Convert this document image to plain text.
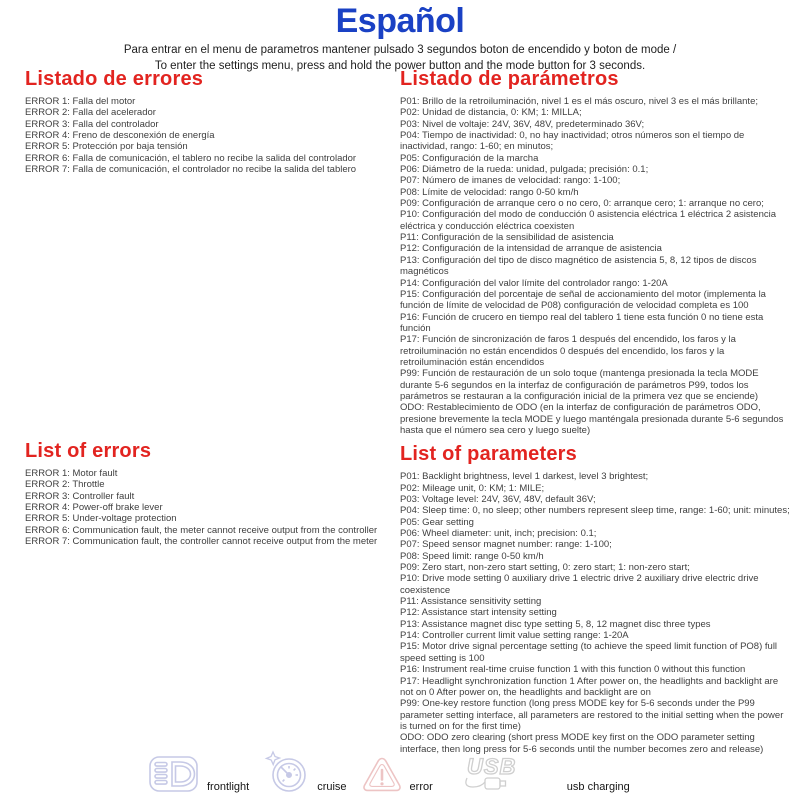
Español
Para entrar en el menu de parametros mantener pulsado 3 segundos boton de encendido y boton de mode /
To enter the settings menu, press and hold the power button and the mode button for 3 seconds.
Listado de errores
ERROR 1: Falla del motor
ERROR 2: Falla del acelerador
ERROR 3: Falla del controlador
ERROR 4: Freno de desconexión de energía
ERROR 5: Protección por baja tensión
ERROR 6: Falla de comunicación, el tablero no recibe la salida del controlador
ERROR 7: Falla de comunicación, el controlador no recibe la salida del tablero
Listado de parámetros
P01: Brillo de la retroiluminación, nivel 1 es el más oscuro, nivel 3 es el más brillante;
P02: Unidad de distancia, 0: KM; 1: MILLA;
P03: Nivel de voltaje: 24V, 36V, 48V, predeterminado 36V;
P04: Tiempo de inactividad: 0, no hay inactividad; otros números son el tiempo de inactividad, rango: 1-60; en minutos;
P05: Configuración de la marcha
P06: Diámetro de la rueda: unidad, pulgada; precisión: 0.1;
P07: Número de imanes de velocidad: rango: 1-100;
P08: Límite de velocidad: rango 0-50 km/h
P09: Configuración de arranque cero o no cero, 0: arranque cero; 1: arranque no cero;
P10: Configuración del modo de conducción 0 asistencia eléctrica 1 eléctrica 2 asistencia eléctrica y conducción eléctrica coexisten
P11: Configuración de la sensibilidad de asistencia
P12: Configuración de la intensidad de arranque de asistencia
P13: Configuración del tipo de disco magnético de asistencia 5, 8, 12 tipos de discos magnéticos
P14: Configuración del valor límite del controlador rango: 1-20A
P15: Configuración del porcentaje de señal de accionamiento del motor (implementa la función de límite de velocidad de P08) configuración de velocidad completa es 100
P16: Función de crucero en tiempo real del tablero 1 tiene esta función 0 no tiene esta función
P17: Función de sincronización de faros 1 después del encendido, los faros y la retroiluminación no están encendidos 0 después del encendido, los faros y la retroiluminación están encendidos
P99: Función de restauración de un solo toque (mantenga presionada la tecla MODE durante 5-6 segundos en la interfaz de configuración de parámetros P99, todos los parámetros se restauran a la configuración inicial de la primera vez que se enciende)
ODO: Restablecimiento de ODO (en la interfaz de configuración de parámetros ODO, presione brevemente la tecla MODE y luego manténgala presionada durante 5-6 segundos hasta que el número sea cero y luego suelte)
List of parameters
P01: Backlight brightness, level 1 darkest, level 3 brightest;
P02: Mileage unit, 0: KM; 1: MILE;
P03: Voltage level: 24V, 36V, 48V, default 36V;
P04: Sleep time: 0, no sleep; other numbers represent sleep time, range: 1-60; unit: minutes;
P05: Gear setting
P06: Wheel diameter: unit, inch; precision: 0.1;
P07: Speed sensor magnet number: range: 1-100;
P08: Speed limit: range 0-50 km/h
P09: Zero start, non-zero start setting, 0: zero start; 1: non-zero start;
P10: Drive mode setting 0 auxiliary drive 1 electric drive 2 auxiliary drive electric drive coexistence
P11: Assistance sensitivity setting
P12: Assistance start intensity setting
P13: Assistance magnet disc type setting 5, 8, 12 magnet disc three types
P14: Controller current limit value setting range: 1-20A
P15: Motor drive signal percentage setting (to achieve the speed limit function of PO8) full speed setting is 100
P16: Instrument real-time cruise function 1 with this function 0 without this function
P17: Headlight synchronization function 1 After power on, the headlights and backlight are not on 0 After power on, the headlights and backlight are on
P99: One-key restore function (long press MODE key for 5-6 seconds under the P99 parameter setting interface, all parameters are restored to the initial setting when the power is turned on for the first time)
ODO: ODO zero clearing (short press MODE key first on the ODO parameter setting interface, then long press for 5-6 seconds until the number becomes zero and release)
List of errors
ERROR 1: Motor fault
ERROR 2: Throttle
ERROR 3: Controller fault
ERROR 4: Power-off brake lever
ERROR 5: Under-voltage protection
ERROR 6: Communication fault, the meter cannot receive output from the controller
ERROR 7: Communication fault, the controller cannot receive output from the meter
frontlight	cruise	error
USB
usb charging
